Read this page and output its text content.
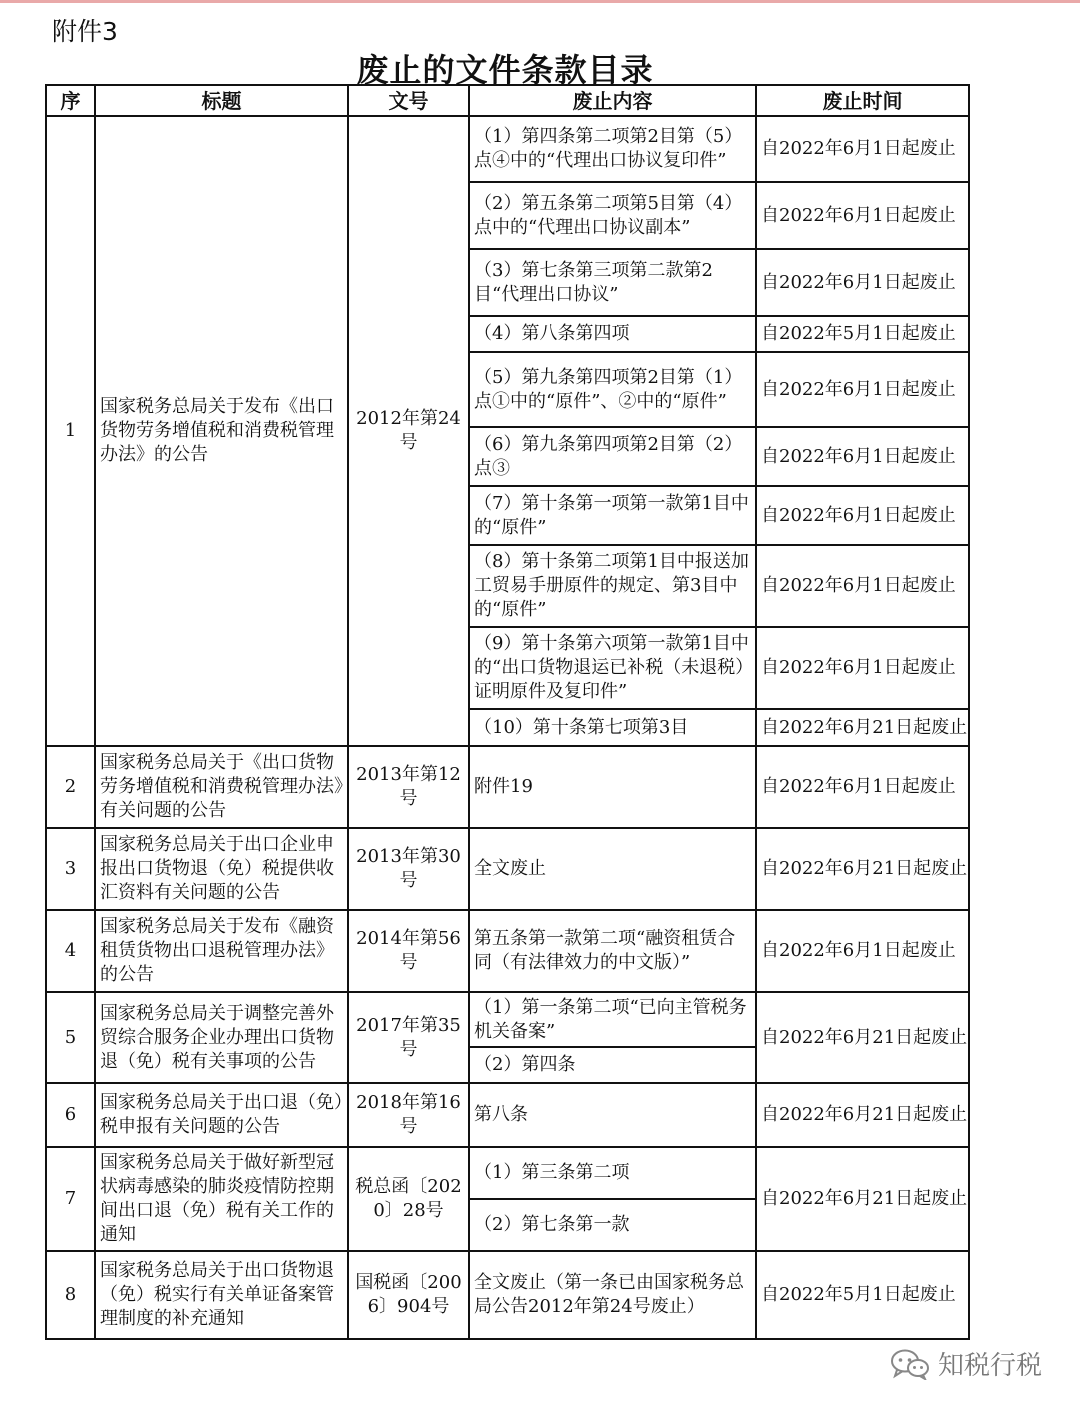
附件3
废止的文件条款目录
序	标题	文号	废止内容	废止时间
1	国家税务总局关于发布《出口货物劳务增值税和消费税管理办法》的公告	2012年第24号	（1）第四条第二项第2目第（5）点④中的“代理出口协议复印件”	自2022年6月1日起废止
			（2）第五条第二项第5目第（4）点中的“代理出口协议副本”	自2022年6月1日起废止
			（3）第七条第三项第二款第2目“代理出口协议”	自2022年6月1日起废止
			（4）第八条第四项	自2022年5月1日起废止
			（5）第九条第四项第2目第（1）点①中的“原件”、②中的“原件”	自2022年6月1日起废止
			（6）第九条第四项第2目第（2）点③	自2022年6月1日起废止
			（7）第十条第一项第一款第1目中的“原件”	自2022年6月1日起废止
			（8）第十条第二项第1目中报送加工贸易手册原件的规定、第3目中的“原件”	自2022年6月1日起废止
			（9）第十条第六项第一款第1目中的“出口货物退运已补税（未退税）证明原件及复印件”	自2022年6月1日起废止
			（10）第十条第七项第3目	自2022年6月21日起废止
2	国家税务总局关于《出口货物劳务增值税和消费税管理办法》有关问题的公告	2013年第12号	附件19	自2022年6月1日起废止
3	国家税务总局关于出口企业申报出口货物退（免）税提供收汇资料有关问题的公告	2013年第30号	全文废止	自2022年6月21日起废止
4	国家税务总局关于发布《融资租赁货物出口退税管理办法》的公告	2014年第56号	第五条第一款第二项“融资租赁合同（有法律效力的中文版）”	自2022年6月1日起废止
5	国家税务总局关于调整完善外贸综合服务企业办理出口货物退（免）税有关事项的公告	2017年第35号	（1）第一条第二项“已向主管税务机关备案”	自2022年6月21日起废止
			（2）第四条	
6	国家税务总局关于出口退（免）税申报有关问题的公告	2018年第16号	第八条	自2022年6月21日起废止
7	国家税务总局关于做好新型冠状病毒感染的肺炎疫情防控期间出口退（免）税有关工作的通知	税总函〔2020〕28号	（1）第三条第二项	自2022年6月21日起废止
			（2）第七条第一款	
8	国家税务总局关于出口货物退（免）税实行有关单证备案管理制度的补充通知	国税函〔2006〕904号	全文废止（第一条已由国家税务总局公告2012年第24号废止）	自2022年5月1日起废止
知税行税
